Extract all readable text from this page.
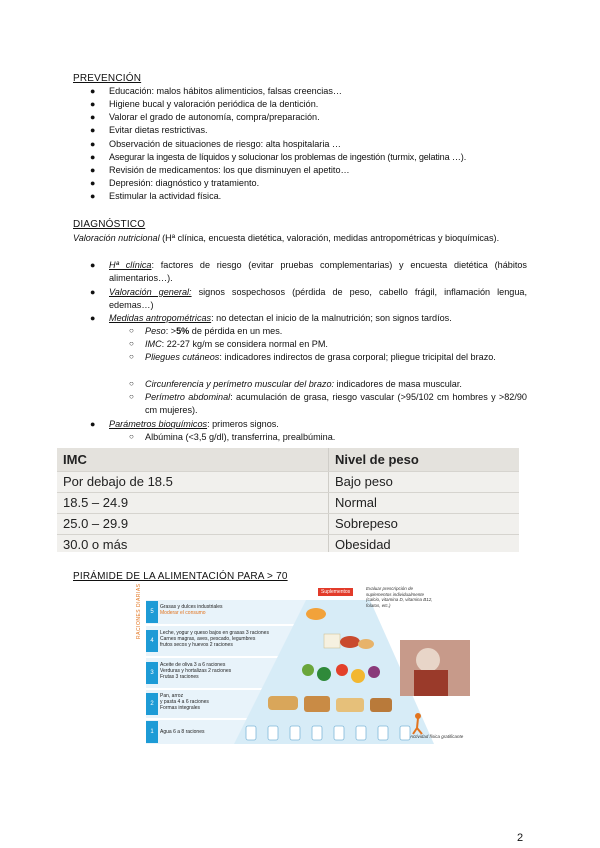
PREVENCIÓN
● Educación: malos hábitos alimenticios, falsas creencias…
● Higiene bucal y valoración periódica de la dentición.
● Valorar el grado de autonomía, compra/preparación.
● Evitar dietas restrictivas.
● Observación de situaciones de riesgo: alta hospitalaria …
● Asegurar la ingesta de líquidos y solucionar los problemas de ingestión (turmix, gelatina …).
● Revisión de medicamentos: los que disminuyen el apetito…
● Depresión: diagnóstico y tratamiento.
● Estimular la actividad física.
DIAGNÓSTICO
Valoración nutricional (Hª clínica, encuesta dietética, valoración, medidas antropométricas y bioquímicas).
● Hª clínica: factores de riesgo (evitar pruebas complementarias) y encuesta dietética (hábitos alimentarios…).
● Valoración general: signos sospechosos (pérdida de peso, cabello frágil, inflamación lengua, edemas…)
● Medidas antropométricas: no detectan el inicio de la malnutrición; son signos tardíos.
○ Peso: >5% de pérdida en un mes.
○ IMC: 22-27 kg/m se considera normal en PM.
○ Pliegues cutáneos: indicadores indirectos de grasa corporal; pliegue tricipital del brazo.
○ Circunferencia y perímetro muscular del brazo: indicadores de masa muscular.
○ Perímetro abdominal: acumulación de grasa, riesgo vascular (>95/102 cm hombres y >82/90 cm mujeres).
● Parámetros bioquímicos: primeros signos.
○ Albúmina (<3,5 g/dl), transferrina, prealbúmina.
IMC	Nivel de peso
Por debajo de 18.5	Bajo peso
18.5 – 24.9	Normal
25.0 – 29.9	Sobrepeso
30.0 o más	Obesidad
PIRÁMIDE DE LA ALIMENTACIÓN PARA > 70
RACIONES DIARIAS	Suplementos
Evaluar prescripción de suplementos individualmente (calcio, vitamina D, vitamina B12, folatos, etc.)
5
Grasas y dulces industriales
Moderar el consumo
4
Leche, yogur y queso bajos en grasas 3 raciones
Carnes magras, aves, pescado, legumbres
frutos secos y huevos 2 raciones
3
Aceite de oliva 3 a 6 raciones
Verduras y hortalizas 2 raciones
Frutas 3 raciones
2
Pan, arroz
y pasta 4 a 6 raciones
Formas integrales
1	Agua 6 a 8 raciones
Actividad física gratificante
2
